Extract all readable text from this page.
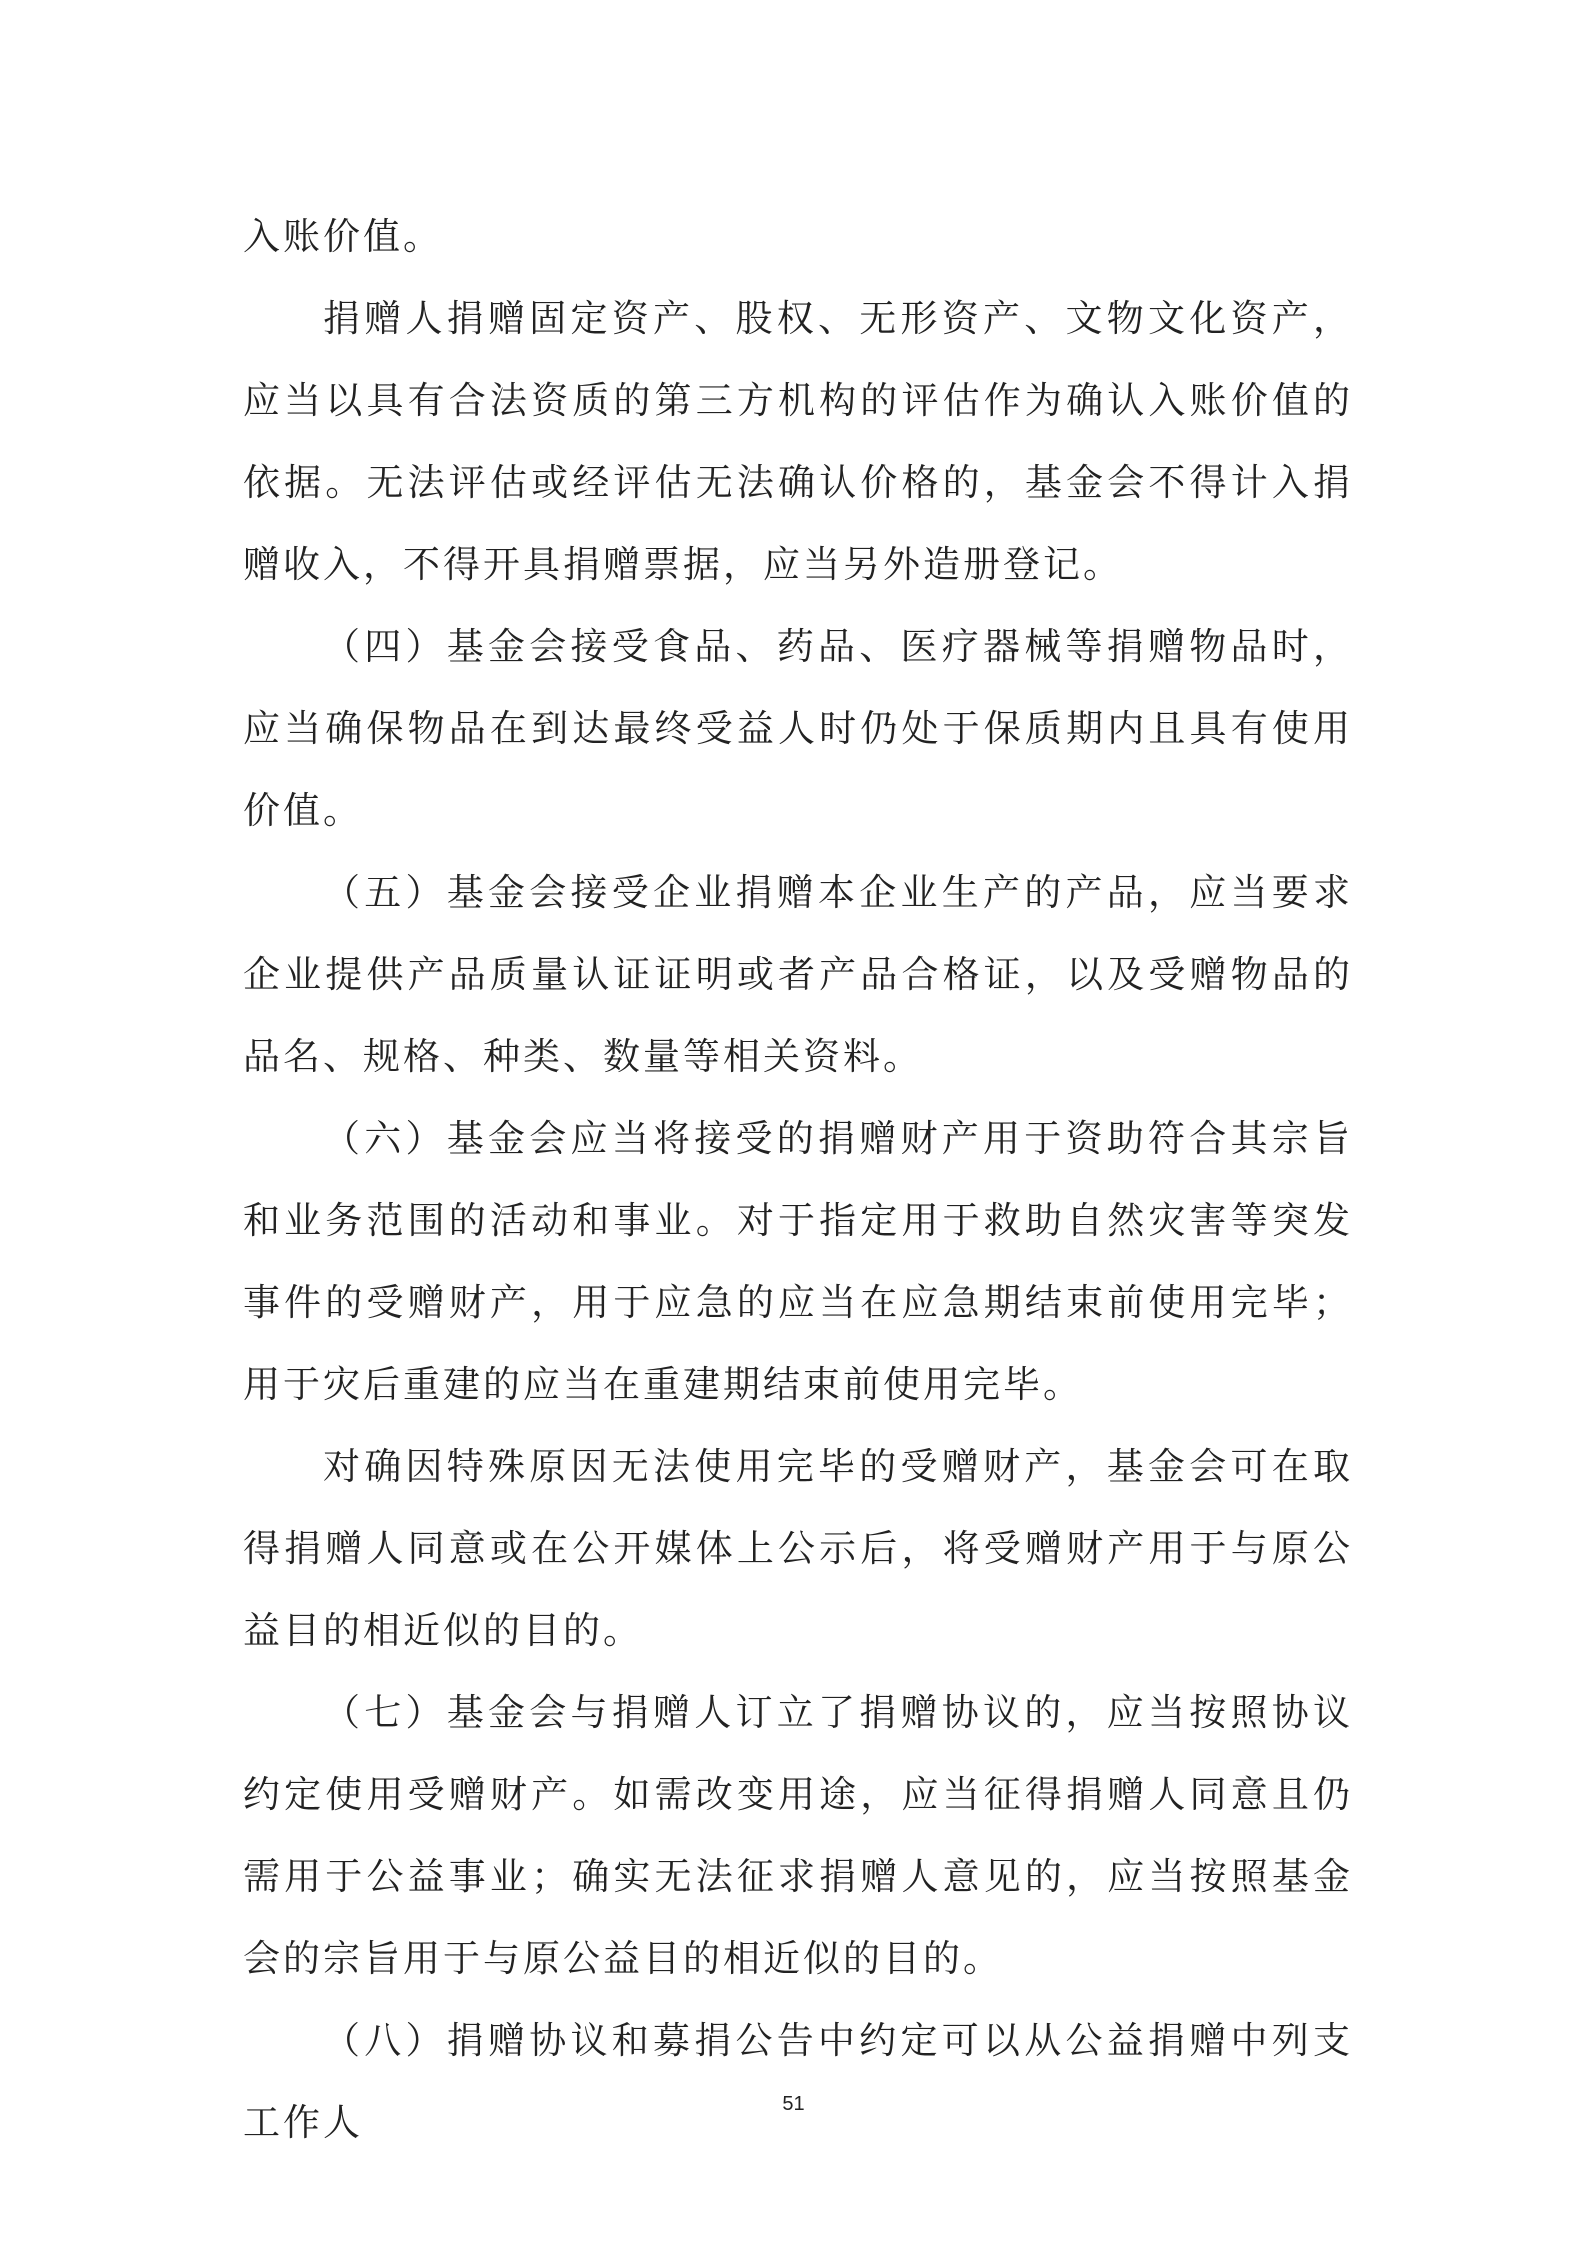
入账价值。

捐赠人捐赠固定资产、股权、无形资产、文物文化资产，应当以具有合法资质的第三方机构的评估作为确认入账价值的依据。无法评估或经评估无法确认价格的，基金会不得计入捐赠收入，不得开具捐赠票据，应当另外造册登记。

（四）基金会接受食品、药品、医疗器械等捐赠物品时，应当确保物品在到达最终受益人时仍处于保质期内且具有使用价值。

（五）基金会接受企业捐赠本企业生产的产品，应当要求企业提供产品质量认证证明或者产品合格证，以及受赠物品的品名、规格、种类、数量等相关资料。

（六）基金会应当将接受的捐赠财产用于资助符合其宗旨和业务范围的活动和事业。对于指定用于救助自然灾害等突发事件的受赠财产，用于应急的应当在应急期结束前使用完毕；用于灾后重建的应当在重建期结束前使用完毕。

对确因特殊原因无法使用完毕的受赠财产，基金会可在取得捐赠人同意或在公开媒体上公示后，将受赠财产用于与原公益目的相近似的目的。

（七）基金会与捐赠人订立了捐赠协议的，应当按照协议约定使用受赠财产。如需改变用途，应当征得捐赠人同意且仍需用于公益事业；确实无法征求捐赠人意见的，应当按照基金会的宗旨用于与原公益目的相近似的目的。

（八）捐赠协议和募捐公告中约定可以从公益捐赠中列支工作人	51
